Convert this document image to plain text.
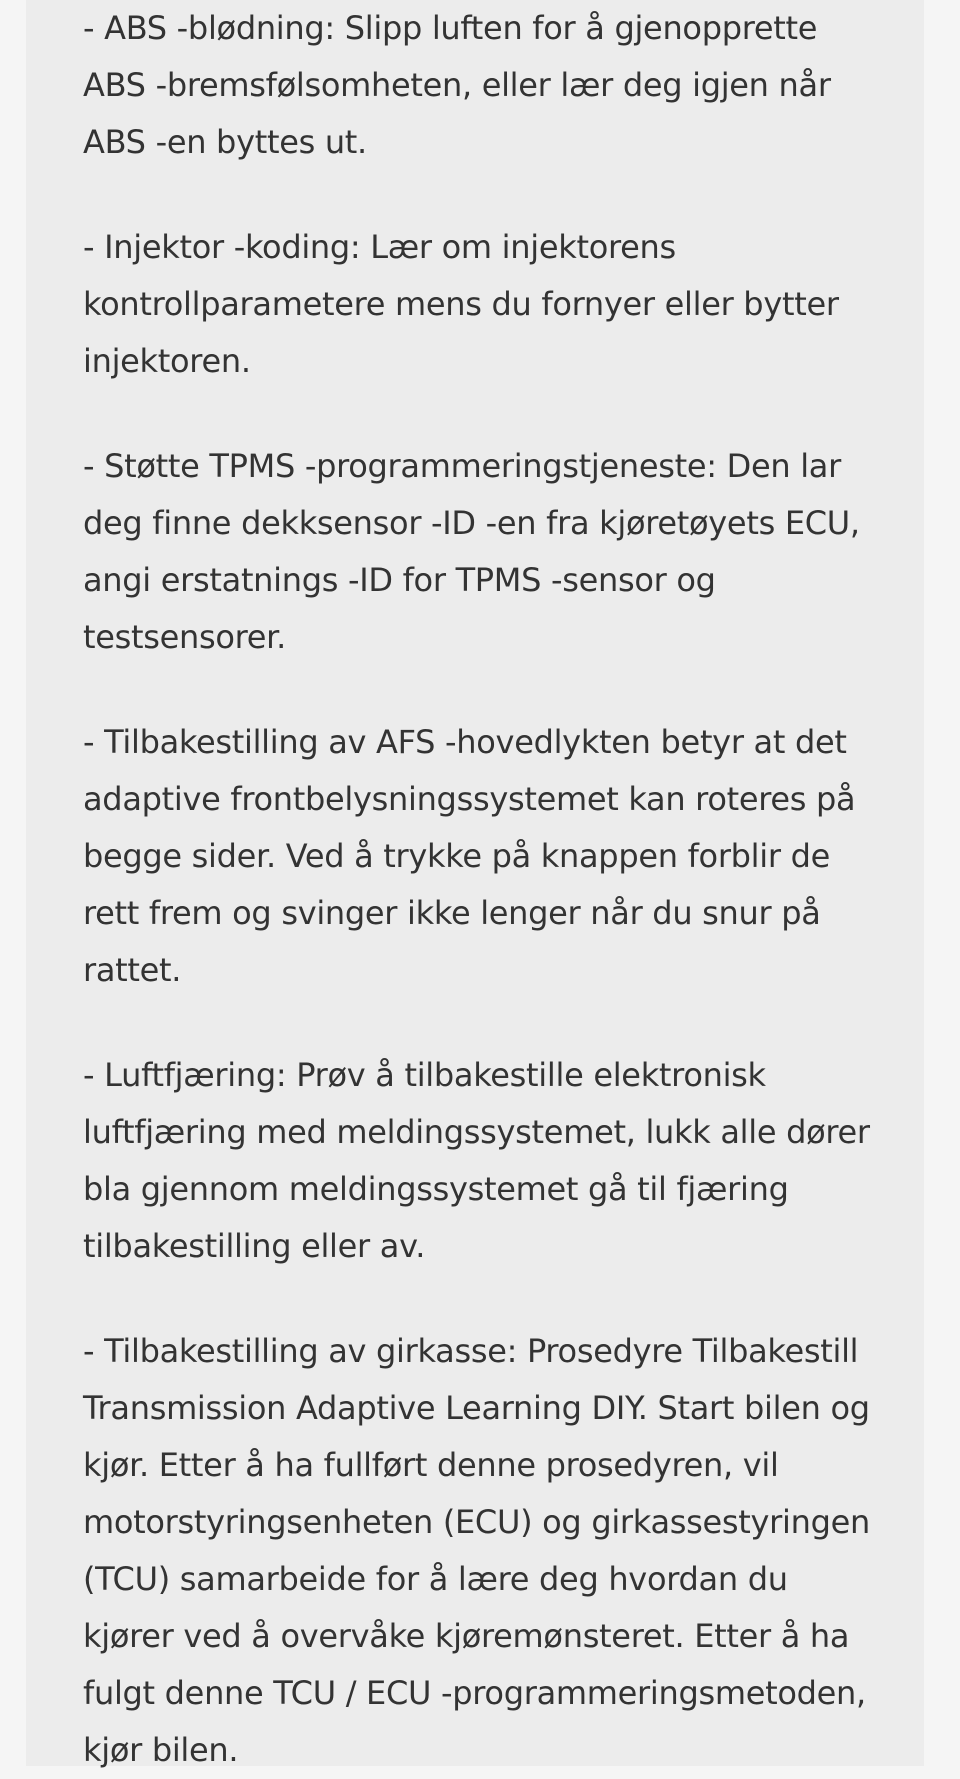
- ABS -blødning: Slipp luften for å gjenopprette
ABS -bremsfølsomheten, eller lær deg igjen når
ABS -en byttes ut.

- Injektor -koding: Lær om injektorens
kontrollparametere mens du fornyer eller bytter
injektoren.

- Støtte TPMS -programmeringstjeneste: Den lar
deg finne dekksensor -ID -en fra kjøretøyets ECU,
angi erstatnings -ID for TPMS -sensor og
testsensorer.

- Tilbakestilling av AFS -hovedlykten betyr at det
adaptive frontbelysningssystemet kan roteres på
begge sider. Ved å trykke på knappen forblir de
rett frem og svinger ikke lenger når du snur på
rattet.

- Luftfjæring: Prøv å tilbakestille elektronisk
luftfjæring med meldingssystemet, lukk alle dører
bla gjennom meldingssystemet gå til fjæring
tilbakestilling eller av.

- Tilbakestilling av girkasse: Prosedyre Tilbakestill
Transmission Adaptive Learning DIY. Start bilen og
kjør. Etter å ha fullført denne prosedyren, vil
motorstyringsenheten (ECU) og girkassestyringen
(TCU) samarbeide for å lære deg hvordan du
kjører ved å overvåke kjøremønsteret. Etter å ha
fulgt denne TCU / ECU -programmeringsmetoden,
kjør bilen.
